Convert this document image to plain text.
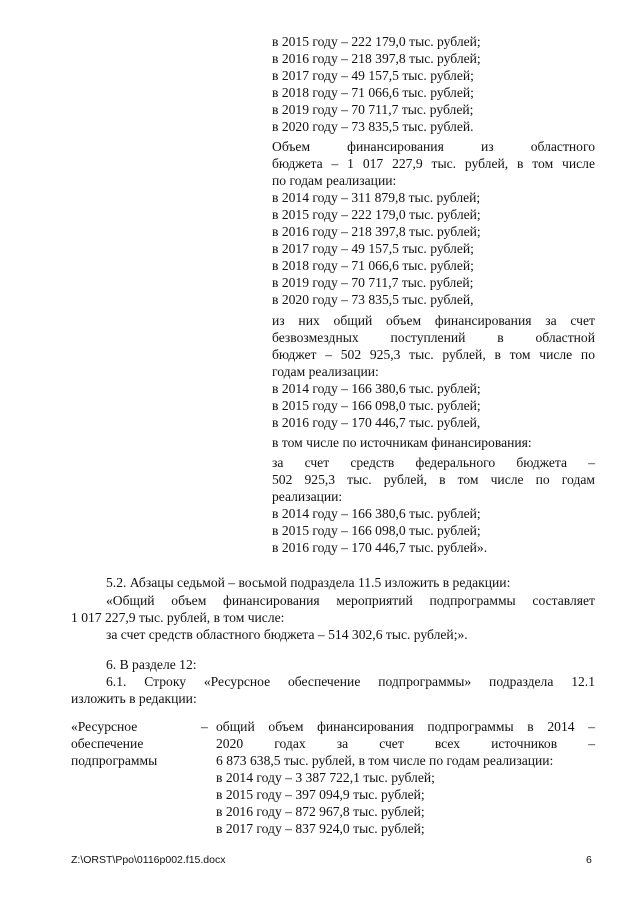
в 2015 году – 222 179,0 тыс. рублей;
в 2016 году – 218 397,8 тыс. рублей;
в 2017 году – 49 157,5 тыс. рублей;
в 2018 году – 71 066,6 тыс. рублей;
в 2019 году – 70 711,7 тыс. рублей;
в 2020 году – 73 835,5 тыс. рублей.
Объем финансирования из областного
бюджета – 1 017 227,9 тыс. рублей, в том числе
по годам реализации:
в 2014 году – 311 879,8 тыс. рублей;
в 2015 году – 222 179,0 тыс. рублей;
в 2016 году – 218 397,8 тыс. рублей;
в 2017 году – 49 157,5 тыс. рублей;
в 2018 году – 71 066,6 тыс. рублей;
в 2019 году – 70 711,7 тыс. рублей;
в 2020 году – 73 835,5 тыс. рублей,
из них общий объем финансирования за счет
безвозмездных поступлений в областной
бюджет – 502 925,3 тыс. рублей, в том числе по
годам реализации:
в 2014 году – 166 380,6 тыс. рублей;
в 2015 году – 166 098,0 тыс. рублей;
в 2016 году – 170 446,7 тыс. рублей,
в том числе по источникам финансирования:
за счет средств федерального бюджета –
502 925,3 тыс. рублей, в том числе по годам
реализации:
в 2014 году – 166 380,6 тыс. рублей;
в 2015 году – 166 098,0 тыс. рублей;
в 2016 году – 170 446,7 тыс. рублей».
5.2. Абзацы седьмой – восьмой подраздела 11.5 изложить в редакции:
«Общий объем финансирования мероприятий подпрограммы составляет
1 017 227,9 тыс. рублей, в том числе:
за счет средств областного бюджета – 514 302,6 тыс. рублей;».
6. В разделе 12:
6.1. Строку «Ресурсное обеспечение подпрограммы» подраздела 12.1
изложить в редакции:
«Ресурсное
обеспечение
подпрограммы
– общий объем финансирования подпрограммы в 2014 –
2020 годах за счет всех источников –
6 873 638,5 тыс. рублей, в том числе по годам реализации:
в 2014 году – 3 387 722,1 тыс. рублей;
в 2015 году – 397 094,9 тыс. рублей;
в 2016 году – 872 967,8 тыс. рублей;
в 2017 году – 837 924,0 тыс. рублей;
Z:\ORST\Ppo\0116p002.f15.docx	6
